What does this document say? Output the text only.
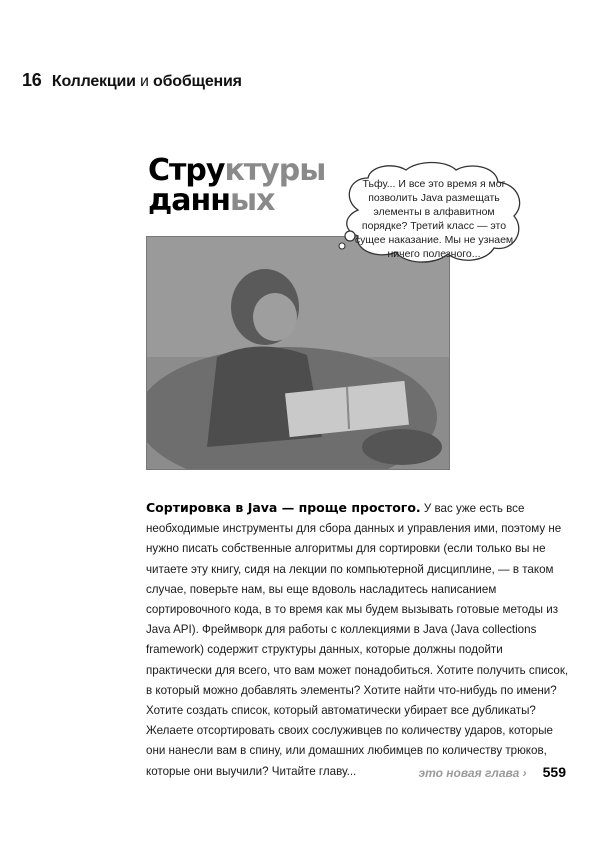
16 Коллекции и обобщения
Структуры
данных	Тьфу... И все это время я мог позволить Java размещать элементы в алфавитном порядке? Третий класс — это сущее наказание. Мы не узнаем ничего полезного...
Сортировка в Java — проще простого. У вас уже есть все необходимые инструменты для сбора данных и управления ими, поэтому не нужно писать собственные алгоритмы для сортировки (если только вы не читаете эту книгу, сидя на лекции по компьютерной дисциплине, — в таком случае, поверьте нам, вы еще вдоволь насладитесь написанием сортировочного кода, в то время как мы будем вызывать готовые методы из Java API). Фреймворк для работы с коллекциями в Java (Java collections framework) содержит структуры данных, которые должны подойти практически для всего, что вам может понадобиться. Хотите получить список, в который можно добавлять элементы? Хотите найти что-нибудь по имени? Хотите создать список, который автоматически убирает все дубликаты? Желаете отсортировать своих сослуживцев по количеству ударов, которые они нанесли вам в спину, или домашних любимцев по количеству трюков, которые они выучили? Читайте главу...	это новая глава › 559
